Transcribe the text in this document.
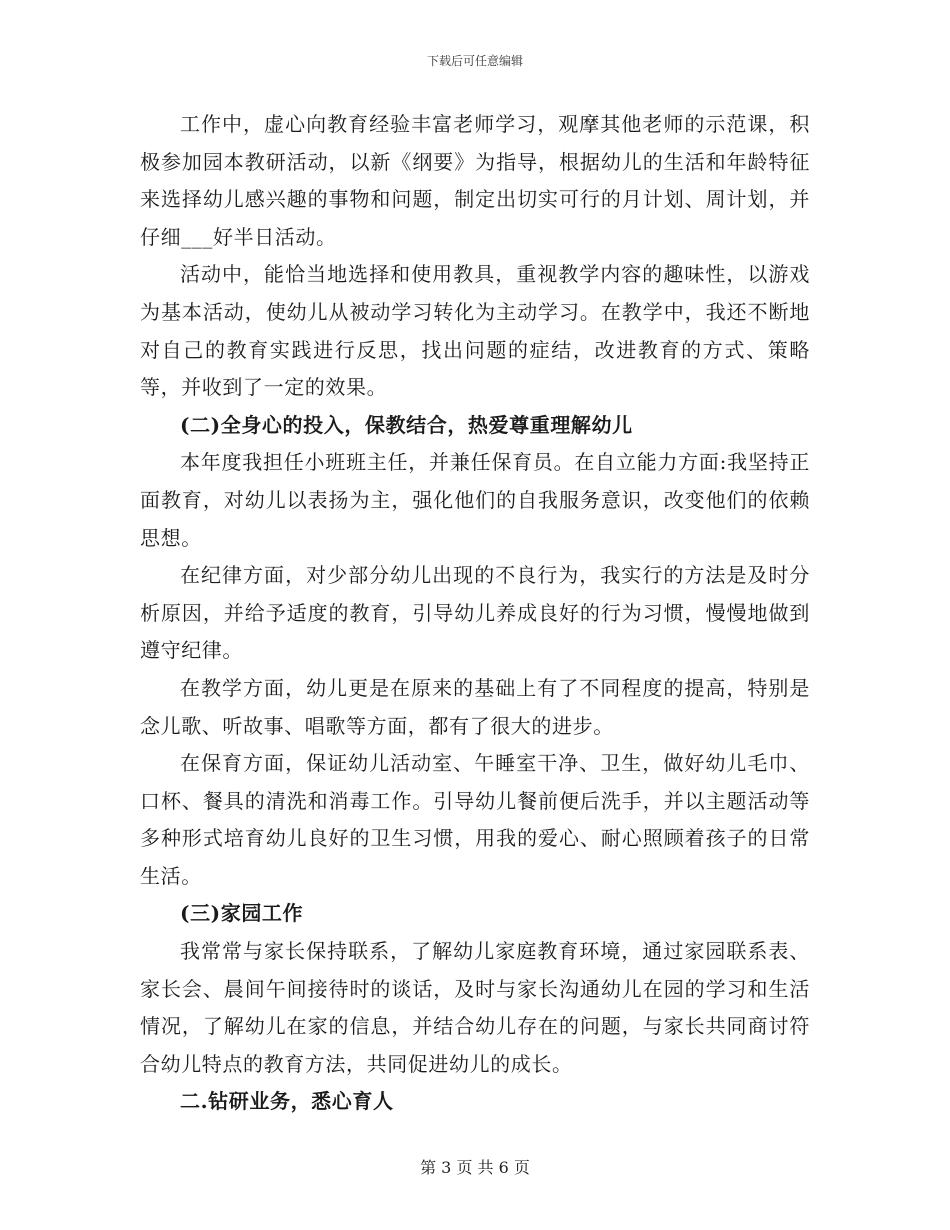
下载后可任意编辑

工作中，虚心向教育经验丰富老师学习，观摩其他老师的示范课，积极参加园本教研活动，以新《纲要》为指导，根据幼儿的生活和年龄特征来选择幼儿感兴趣的事物和问题，制定出切实可行的月计划、周计划，并仔细___好半日活动。

活动中，能恰当地选择和使用教具，重视教学内容的趣味性，以游戏为基本活动，使幼儿从被动学习转化为主动学习。在教学中，我还不断地对自己的教育实践进行反思，找出问题的症结，改进教育的方式、策略等，并收到了一定的效果。

(二)全身心的投入，保教结合，热爱尊重理解幼儿

本年度我担任小班班主任，并兼任保育员。在自立能力方面:我坚持正面教育，对幼儿以表扬为主，强化他们的自我服务意识，改变他们的依赖思想。

在纪律方面，对少部分幼儿出现的不良行为，我实行的方法是及时分析原因，并给予适度的教育，引导幼儿养成良好的行为习惯，慢慢地做到遵守纪律。

在教学方面，幼儿更是在原来的基础上有了不同程度的提高，特别是念儿歌、听故事、唱歌等方面，都有了很大的进步。

在保育方面，保证幼儿活动室、午睡室干净、卫生，做好幼儿毛巾、口杯、餐具的清洗和消毒工作。引导幼儿餐前便后洗手，并以主题活动等多种形式培育幼儿良好的卫生习惯，用我的爱心、耐心照顾着孩子的日常生活。

(三)家园工作

我常常与家长保持联系，了解幼儿家庭教育环境，通过家园联系表、家长会、晨间午间接待时的谈话，及时与家长沟通幼儿在园的学习和生活情况，了解幼儿在家的信息，并结合幼儿存在的问题，与家长共同商讨符合幼儿特点的教育方法，共同促进幼儿的成长。

二.钻研业务，悉心育人

第 3 页 共 6 页
